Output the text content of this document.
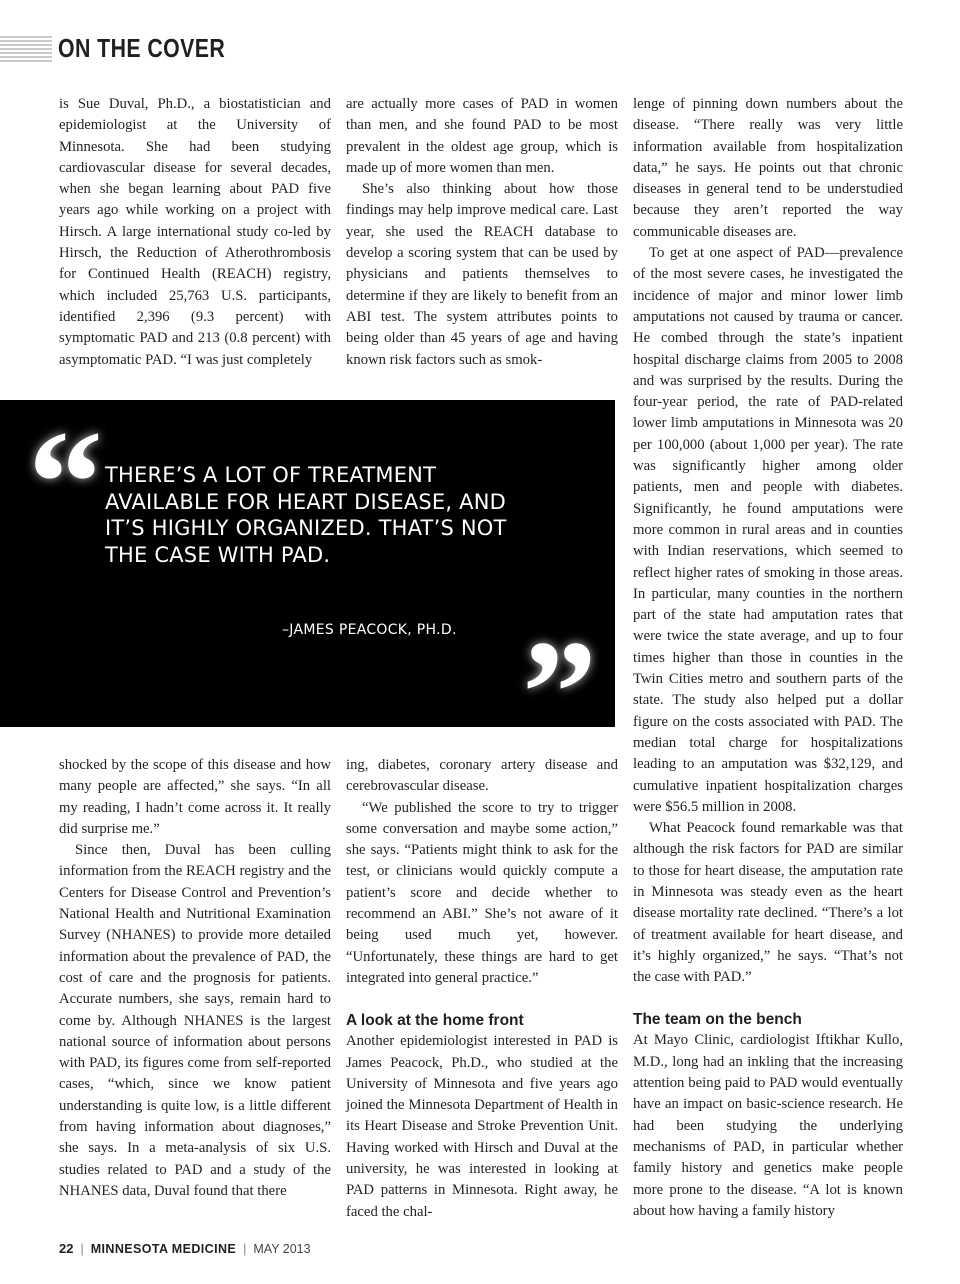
ON THE COVER

is Sue Duval, Ph.D., a biostatistician and epidemiologist at the University of Minnesota. She had been studying cardiovascular disease for several decades, when she began learning about PAD five years ago while working on a project with Hirsch. A large international study co-led by Hirsch, the Reduction of Atherothrombosis for Continued Health (REACH) registry, which included 25,763 U.S. participants, identified 2,396 (9.3 percent) with symptomatic PAD and 213 (0.8 percent) with asymptomatic PAD. “I was just completely

are actually more cases of PAD in women than men, and she found PAD to be most prevalent in the oldest age group, which is made up of more women than men.

She’s also thinking about how those findings may help improve medical care. Last year, she used the REACH database to develop a scoring system that can be used by physicians and patients themselves to determine if they are likely to benefit from an ABI test. The system attributes points to being older than 45 years of age and having known risk factors such as smok-

lenge of pinning down numbers about the disease. “There really was very little information available from hospitalization data,” he says. He points out that chronic diseases in general tend to be understudied because they aren’t reported the way communicable diseases are.

To get at one aspect of PAD—prevalence of the most severe cases, he investigated the incidence of major and minor lower limb amputations not caused by trauma or cancer. He combed through the state’s inpatient hospital discharge claims from 2005 to 2008 and was surprised by the results. During the four-year period, the rate of PAD-related lower limb amputations in Minnesota was 20 per 100,000 (about 1,000 per year). The rate was significantly higher among older patients, men and people with diabetes. Significantly, he found amputations were more common in rural areas and in counties with Indian reservations, which seemed to reflect higher rates of smoking in those areas. In particular, many counties in the northern part of the state had amputation rates that were twice the state average, and up to four times higher than those in counties in the Twin Cities metro and southern parts of the state. The study also helped put a dollar figure on the costs associated with PAD. The median total charge for hospitalizations leading to an amputation was $32,129, and cumulative inpatient hospitalization charges were $56.5 million in 2008.

What Peacock found remarkable was that although the risk factors for PAD are similar to those for heart disease, the amputation rate in Minnesota was steady even as the heart disease mortality rate declined. “There’s a lot of treatment available for heart disease, and it’s highly organized,” he says. “That’s not the case with PAD.”

The team on the bench

At Mayo Clinic, cardiologist Iftikhar Kullo, M.D., long had an inkling that the increasing attention being paid to PAD would eventually have an impact on basic-science research. He had been studying the underlying mechanisms of PAD, in particular whether family history and genetics make people more prone to the disease. “A lot is known about how having a family history

“ THERE’S A LOT OF TREATMENT AVAILABLE FOR HEART DISEASE, AND IT’S HIGHLY ORGANIZED. THAT’S NOT THE CASE WITH PAD.
–JAMES PEACOCK, PH.D. ”

shocked by the scope of this disease and how many people are affected,” she says. “In all my reading, I hadn’t come across it. It really did surprise me.”

Since then, Duval has been culling information from the REACH registry and the Centers for Disease Control and Prevention’s National Health and Nutritional Examination Survey (NHANES) to provide more detailed information about the prevalence of PAD, the cost of care and the prognosis for patients. Accurate numbers, she says, remain hard to come by. Although NHANES is the largest national source of information about persons with PAD, its figures come from self-reported cases, “which, since we know patient understanding is quite low, is a little different from having information about diagnoses,” she says. In a meta-analysis of six U.S. studies related to PAD and a study of the NHANES data, Duval found that there

ing, diabetes, coronary artery disease and cerebrovascular disease.

“We published the score to try to trigger some conversation and maybe some action,” she says. “Patients might think to ask for the test, or clinicians would quickly compute a patient’s score and decide whether to recommend an ABI.” She’s not aware of it being used much yet, however. “Unfortunately, these things are hard to get integrated into general practice.”

A look at the home front

Another epidemiologist interested in PAD is James Peacock, Ph.D., who studied at the University of Minnesota and five years ago joined the Minnesota Department of Health in its Heart Disease and Stroke Prevention Unit. Having worked with Hirsch and Duval at the university, he was interested in looking at PAD patterns in Minnesota. Right away, he faced the chal-

22 | MINNESOTA MEDICINE | MAY 2013
